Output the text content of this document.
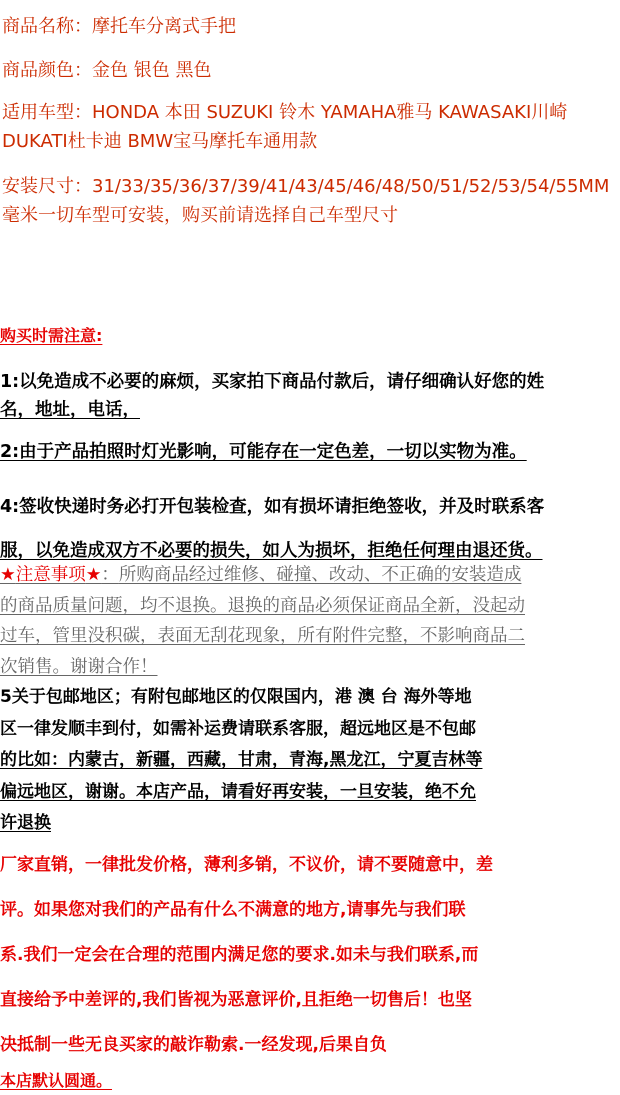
商品名称：摩托车分离式手把
商品颜色：金色 银色 黑色
适用车型：HONDA 本田 SUZUKI 铃木 YAMAHA雅马 KAWASAKI川崎
DUKATI杜卡迪 BMW宝马摩托车通用款
安装尺寸：31/33/35/36/37/39/41/43/45/46/48/50/51/52/53/54/55MM
毫米一切车型可安装，购买前请选择自己车型尺寸
购买时需注意:
1:以免造成不必要的麻烦，买家拍下商品付款后，请仔细确认好您的姓
名，地址，电话，
2:由于产品拍照时灯光影响，可能存在一定色差，一切以实物为准。
4:签收快递时务必打开包装检查，如有损坏请拒绝签收，并及时联系客
服，以免造成双方不必要的损失，如人为损坏，拒绝任何理由退还货。
★注意事项★：所购商品经过维修、碰撞、改动、不正确的安装造成
的商品质量问题，均不退换。退换的商品必须保证商品全新，没起动
过车，管里没积碳，表面无刮花现象，所有附件完整，不影响商品二
次销售。谢谢合作！
5关于包邮地区；有附包邮地区的仅限国内，港 澳 台 海外等地
区一律发顺丰到付，如需补运费请联系客服，超远地区是不包邮
的比如：内蒙古，新疆，西藏，甘肃，青海,黑龙江，宁夏吉林等
偏远地区，谢谢。本店产品，请看好再安装，一旦安装，绝不允
许退换
厂家直销，一律批发价格，薄利多销，不议价，请不要随意中，差
评。如果您对我们的产品有什么不满意的地方,请事先与我们联
系.我们一定会在合理的范围内满足您的要求.如未与我们联系,而
直接给予中差评的,我们皆视为恶意评价,且拒绝一切售后！也坚
决抵制一些无良买家的敲诈勒索.一经发现,后果自负
本店默认圆通。
